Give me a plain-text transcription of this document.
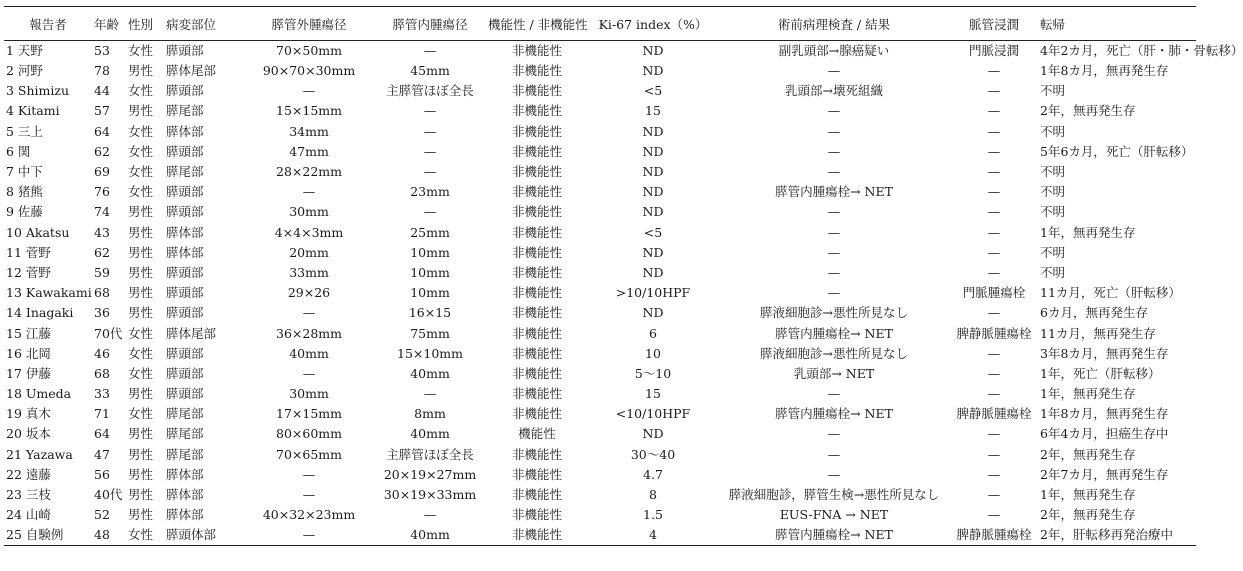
報告者	年齢	性別	病変部位	膵管外腫瘍径	膵管内腫瘍径	機能性 / 非機能性	Ki-67 index（%）	術前病理検査 / 結果	脈管浸潤	転帰
1 天野	53	女性	膵頭部	70×50mm	—	非機能性	ND	副乳頭部→腺癌疑い	門脈浸潤	4年2カ月，死亡（肝・肺・骨転移）
2 河野	78	男性	膵体尾部	90×70×30mm	45mm	非機能性	ND	—	—	1年8カ月，無再発生存
3 Shimizu	44	女性	膵頭部	—	主膵管ほぼ全長	非機能性	<5	乳頭部→壊死組織	—	不明
4 Kitami	57	男性	膵尾部	15×15mm	—	非機能性	15	—	—	2年，無再発生存
5 三上	64	女性	膵体部	34mm	—	非機能性	ND	—	—	不明
6 関	62	女性	膵頭部	47mm	—	非機能性	ND	—	—	5年6カ月，死亡（肝転移）
7 中下	69	女性	膵尾部	28×22mm	—	非機能性	ND	—	—	不明
8 猪熊	76	女性	膵頭部	—	23mm	非機能性	ND	膵管内腫瘍栓→ NET	—	不明
9 佐藤	74	男性	膵頭部	30mm	—	非機能性	ND	—	—	不明
10 Akatsu	43	男性	膵体部	4×4×3mm	25mm	非機能性	<5	—	—	1年，無再発生存
11 菅野	62	男性	膵体部	20mm	10mm	非機能性	ND	—	—	不明
12 菅野	59	男性	膵頭部	33mm	10mm	非機能性	ND	—	—	不明
13 Kawakami	68	男性	膵頭部	29×26	10mm	非機能性	>10/10HPF	—	門脈腫瘍栓	11カ月，死亡（肝転移）
14 Inagaki	36	男性	膵頭部	—	16×15	非機能性	ND	膵液細胞診→悪性所見なし	—	6カ月，無再発生存
15 江藤	70代	女性	膵体尾部	36×28mm	75mm	非機能性	6	膵管内腫瘍栓→ NET	脾静脈腫瘍栓	11カ月，無再発生存
16 北岡	46	女性	膵頭部	40mm	15×10mm	非機能性	10	膵液細胞診→悪性所見なし	—	3年8カ月，無再発生存
17 伊藤	68	女性	膵頭部	—	40mm	非機能性	5～10	乳頭部→ NET	—	1年，死亡（肝転移）
18 Umeda	33	男性	膵頭部	30mm	—	非機能性	15	—	—	1年，無再発生存
19 真木	71	女性	膵尾部	17×15mm	8mm	非機能性	<10/10HPF	膵管内腫瘍栓→ NET	脾静脈腫瘍栓	1年8カ月，無再発生存
20 坂本	64	男性	膵尾部	80×60mm	40mm	機能性	ND	—	—	6年4カ月，担癌生存中
21 Yazawa	47	男性	膵尾部	70×65mm	主膵管ほぼ全長	非機能性	30～40	—	—	2年，無再発生存
22 遠藤	56	男性	膵体部	—	20×19×27mm	非機能性	4.7	—	—	2年7カ月，無再発生存
23 三枝	40代	男性	膵体部	—	30×19×33mm	非機能性	8	膵液細胞診，膵管生検→悪性所見なし	—	1年，無再発生存
24 山崎	52	男性	膵体部	40×32×23mm	—	非機能性	1.5	EUS-FNA → NET	—	2年，無再発生存
25 自験例	48	女性	膵頭体部	—	40mm	非機能性	4	膵管内腫瘍栓→ NET	脾静脈腫瘍栓	2年，肝転移再発治療中
